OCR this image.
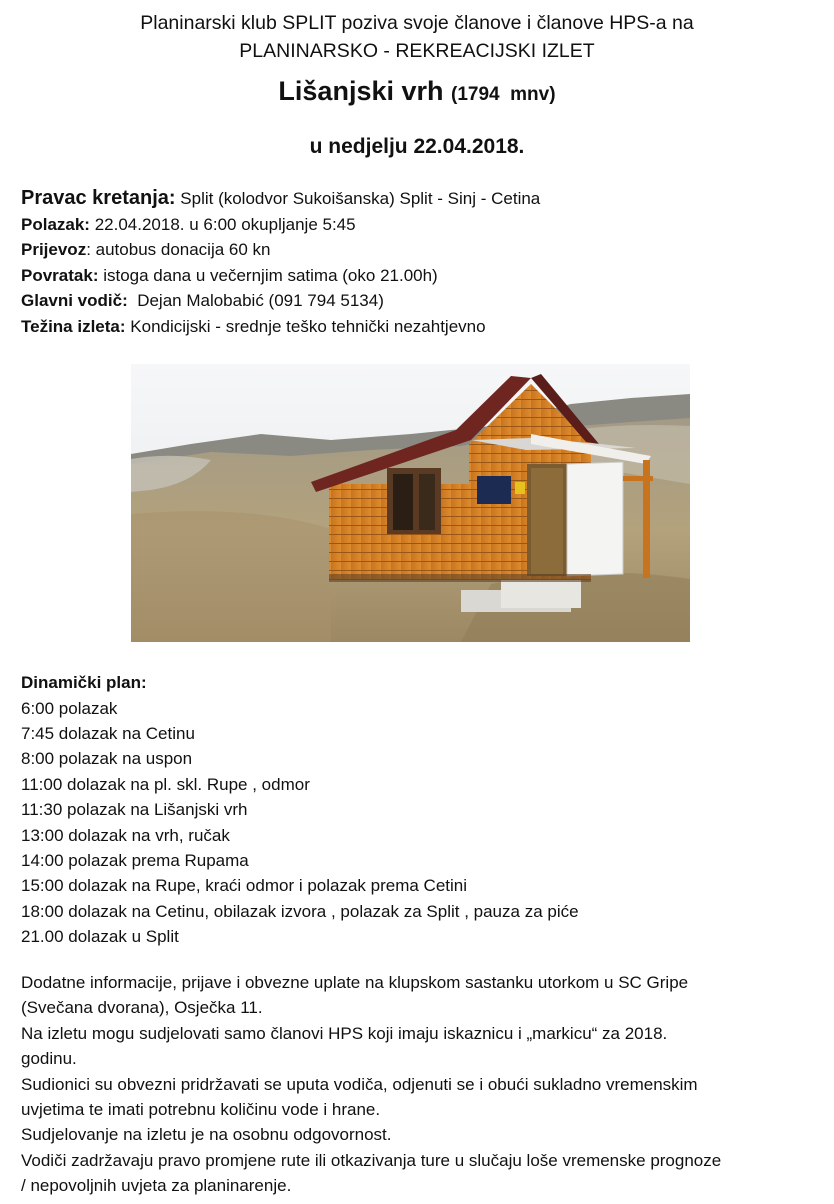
Planinarski klub SPLIT poziva svoje članove i članove HPS-a na
PLANINARSKO - REKREACIJSKI IZLET
Lišanjski vrh (1794  mnv)
u nedjelju 22.04.2018.
Pravac kretanja: Split (kolodvor Sukoišanska) Split - Sinj - Cetina
Polazak: 22.04.2018. u 6:00 okupljanje 5:45
Prijevoz: autobus donacija 60 kn
Povratak: istoga dana u večernjim satima (oko 21.00h)
Glavni vodič:  Dejan Malobabić (091 794 5134)
Težina izleta: Kondicijski - srednje teško tehnički nezahtjevno
Dinamički plan:
6:00 polazak
7:45 dolazak na Cetinu
8:00 polazak na uspon
11:00 dolazak na pl. skl. Rupe , odmor
11:30 polazak na Lišanjski vrh
13:00 dolazak na vrh, ručak
14:00 polazak prema Rupama
15:00 dolazak na Rupe, kraći odmor i polazak prema Cetini
18:00 dolazak na Cetinu, obilazak izvora , polazak za Split , pauza za piće
21.00 dolazak u Split
Dodatne informacije, prijave i obvezne uplate na klupskom sastanku utorkom u SC Gripe
(Svečana dvorana), Osječka 11.
Na izletu mogu sudjelovati samo članovi HPS koji imaju iskaznicu i „markicu“ za 2018.
godinu.
Sudionici su obvezni pridržavati se uputa vodiča, odjenuti se i obući sukladno vremenskim
uvjetima te imati potrebnu količinu vode i hrane.
Sudjelovanje na izletu je na osobnu odgovornost.
Vodiči zadržavaju pravo promjene rute ili otkazivanja ture u slučaju loše vremenske prognoze
/ nepovoljnih uvjeta za planinarenje.
